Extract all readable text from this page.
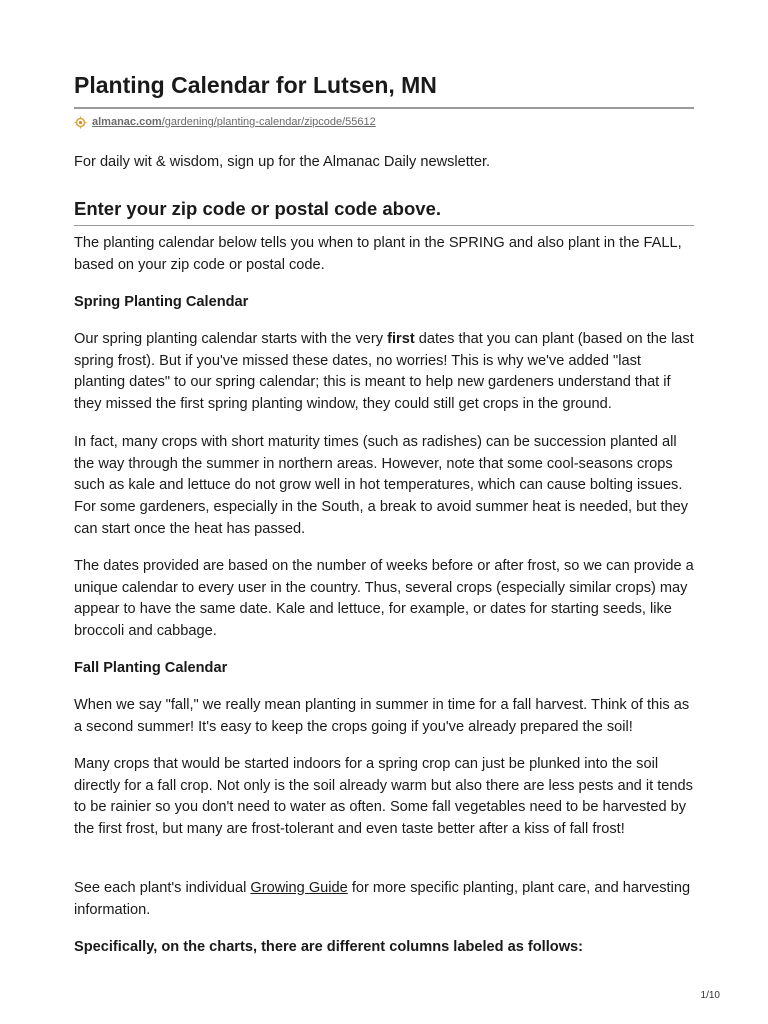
Planting Calendar for Lutsen, MN
almanac.com/gardening/planting-calendar/zipcode/55612

For daily wit & wisdom, sign up for the Almanac Daily newsletter.

Enter your zip code or postal code above.

The planting calendar below tells you when to plant in the SPRING and also plant in the FALL, based on your zip code or postal code.

Spring Planting Calendar

Our spring planting calendar starts with the very first dates that you can plant (based on the last spring frost). But if you've missed these dates, no worries! This is why we've added "last planting dates" to our spring calendar; this is meant to help new gardeners understand that if they missed the first spring planting window, they could still get crops in the ground.

In fact, many crops with short maturity times (such as radishes) can be succession planted all the way through the summer in northern areas. However, note that some cool-seasons crops such as kale and lettuce do not grow well in hot temperatures, which can cause bolting issues. For some gardeners, especially in the South, a break to avoid summer heat is needed, but they can start once the heat has passed.

The dates provided are based on the number of weeks before or after frost, so we can provide a unique calendar to every user in the country. Thus, several crops (especially similar crops) may appear to have the same date. Kale and lettuce, for example, or dates for starting seeds, like broccoli and cabbage.

Fall Planting Calendar

When we say "fall," we really mean planting in summer in time for a fall harvest. Think of this as a second summer! It's easy to keep the crops going if you've already prepared the soil!

Many crops that would be started indoors for a spring crop can just be plunked into the soil directly for a fall crop. Not only is the soil already warm but also there are less pests and it tends to be rainier so you don't need to water as often. Some fall vegetables need to be harvested by the first frost, but many are frost-tolerant and even taste better after a kiss of fall frost!

See each plant's individual Growing Guide for more specific planting, plant care, and harvesting information.

Specifically, on the charts, there are different columns labeled as follows:
1/10
